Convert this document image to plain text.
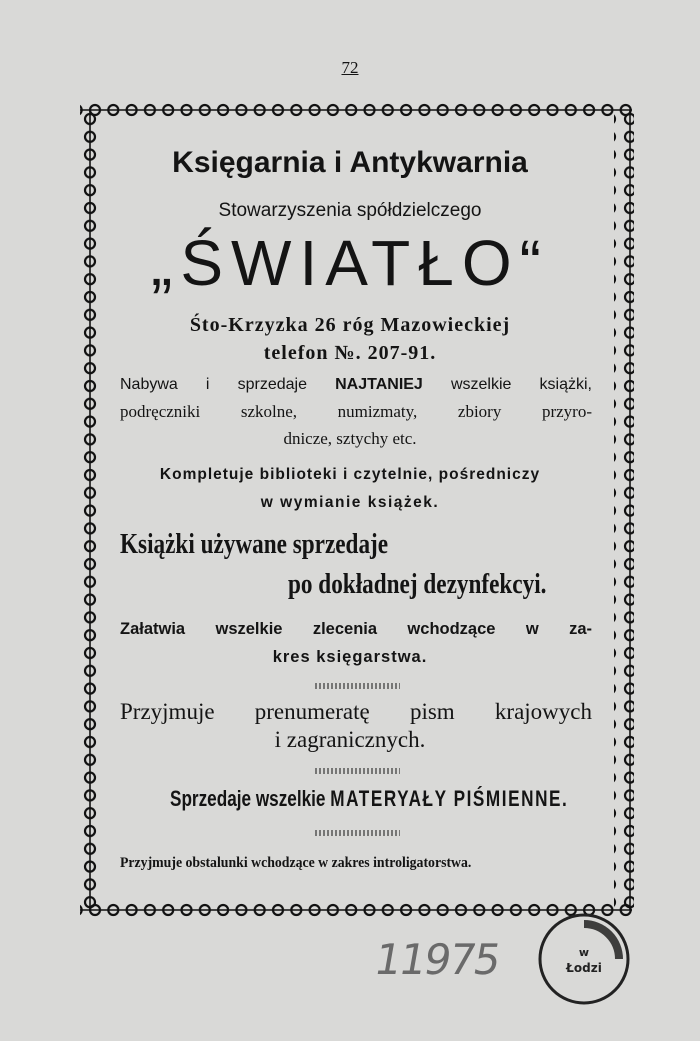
72
Księgarnia i Antykwarnia
Stowarzyszenia spółdzielczego
„ŚWIATŁO“
Śto-Krzyzka 26 róg Mazowieckiej
telefon №. 207-91.
Nabywa i sprzedaje NAJTANIEJ wszelkie książki,
podręczniki szkolne, numizmaty, zbiory przyro-
dnicze, sztychy etc.
Kompletuje biblioteki i czytelnie, pośredniczy
w wymianie książek.
Książki używane sprzedaje
po dokładnej dezynfekcyi.
Załatwia wszelkie zlecenia wchodzące w za-
kres księgarstwa.
Przyjmuje prenumeratę pism krajowych
i zagranicznych.
Sprzedaje wszelkie MATERYAŁY PIŚMIENNE.
Przyjmuje obstalunki wchodzące w zakres introligatorstwa.
11975	w
Łodzi
